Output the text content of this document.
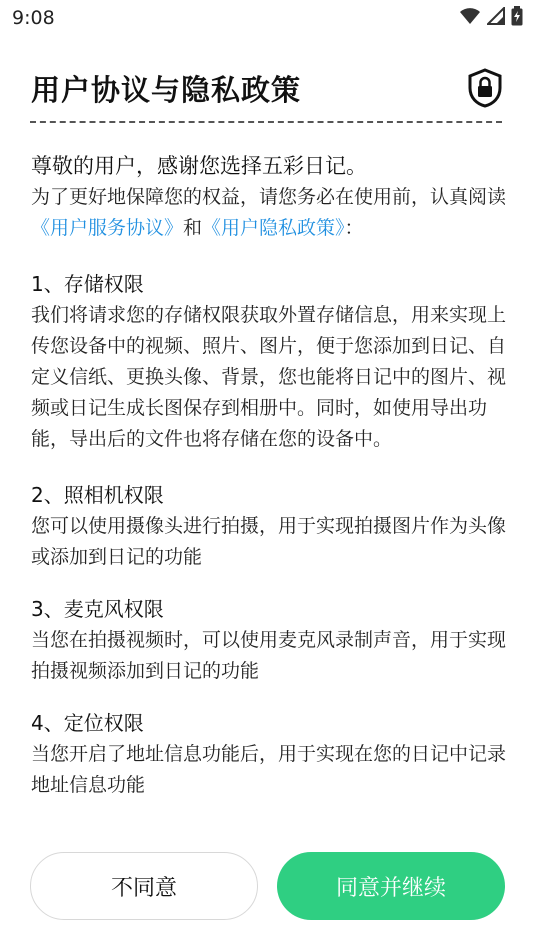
9:08
用户协议与隐私政策

尊敬的用户，感谢您选择五彩日记。

为了更好地保障您的权益，请您务必在使用前，认真阅读《用户服务协议》和《用户隐私政策》：

1、存储权限

我们将请求您的存储权限获取外置存储信息，用来实现上传您设备中的视频、照片、图片，便于您添加到日记、自定义信纸、更换头像、背景，您也能将日记中的图片、视频或日记生成长图保存到相册中。同时，如使用导出功能，导出后的文件也将存储在您的设备中。

2、照相机权限

您可以使用摄像头进行拍摄，用于实现拍摄图片作为头像或添加到日记的功能

3、麦克风权限

当您在拍摄视频时，可以使用麦克风录制声音，用于实现拍摄视频添加到日记的功能

4、定位权限

当您开启了地址信息功能后，用于实现在您的日记中记录地址信息功能

不同意	同意并继续
